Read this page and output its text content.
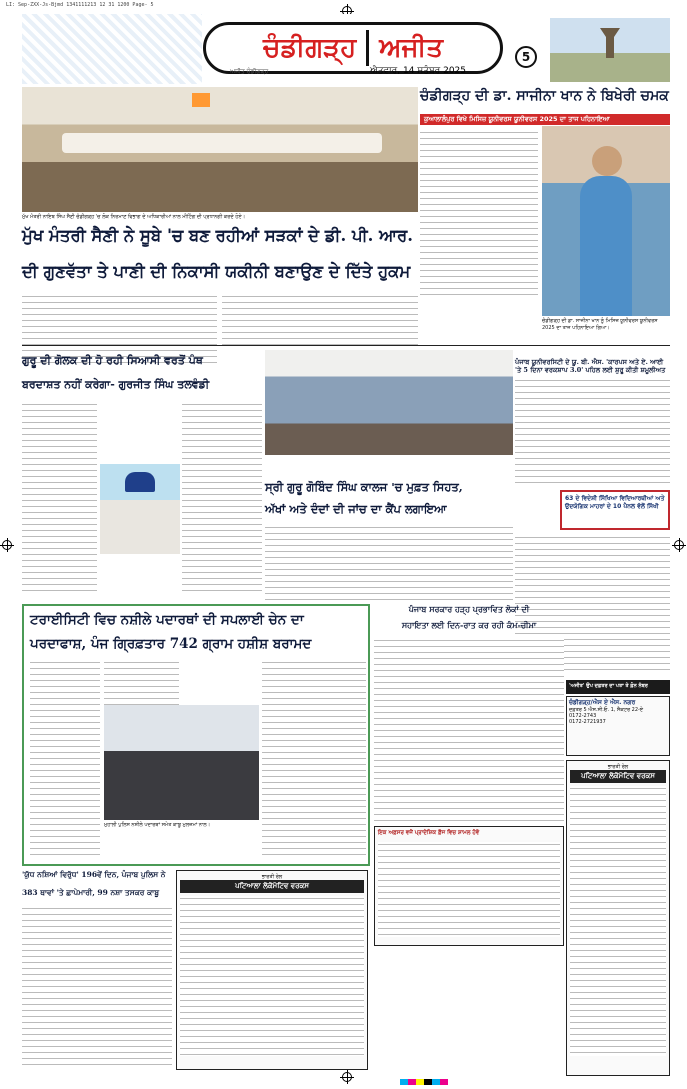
LI: Sep-ZXX-Js-Bjmd 1341111213 12 31 1200 Page- 5
ਚੰਡੀਗੜ੍ਹ ਅਜੀਤ
ਅਜੀਤ ਚੰਡੀਗੜ੍ਹ	ਐਤਵਾਰ, 14 ਸਤੰਬਰ 2025
5
ਮੁੱਖ ਮੰਤਰੀ ਨਾਇਬ ਸਿੰਘ ਸੈਣੀ ਚੰਡੀਗੜ੍ਹ 'ਚ ਲੋਕ ਨਿਰਮਾਣ ਵਿਭਾਗ ਦੇ ਅਧਿਕਾਰੀਆਂ ਨਾਲ ਮੀਟਿੰਗ ਦੀ ਪ੍ਰਧਾਨਗੀ ਕਰਦੇ ਹੋਏ।
ਮੁੱਖ ਮੰਤਰੀ ਸੈਣੀ ਨੇ ਸੂਬੇ 'ਚ ਬਣ ਰਹੀਆਂ ਸੜਕਾਂ ਦੇ ਡੀ. ਪੀ. ਆਰ.
ਦੀ ਗੁਣਵੱਤਾ ਤੇ ਪਾਣੀ ਦੀ ਨਿਕਾਸੀ ਯਕੀਨੀ ਬਣਾਉਣ ਦੇ ਦਿੱਤੇ ਹੁਕਮ
ਚੰਡੀਗੜ੍ਹ ਦੀ ਡਾ. ਸਾਜੀਨਾ ਖਾਨ ਨੇ ਬਿਖੇਰੀ ਚਮਕ
ਕੁਆਲਾਲੰਪੁਰ ਵਿਖੇ ਮਿਸਿਜ਼ ਯੂਨੀਵਰਸ ਯੂਨੀਵਰਸ 2025 ਦਾ ਤਾਜ ਪਹਿਨਾਇਆ
ਚੰਡੀਗੜ੍ਹ ਦੀ ਡਾ. ਸਾਜੀਨਾ ਖਾਨ ਨੂੰ ਮਿਸਿਜ਼ ਯੂਨੀਵਰਸ ਯੂਨੀਵਰਸ 2025 ਦਾ ਤਾਜ ਪਹਿਨਾਇਆ ਗਿਆ।
ਗੁਰੂ ਦੀ ਗੋਲਕ ਦੀ ਹੋ ਰਹੀ ਸਿਆਸੀ ਵਰਤੋਂ ਪੰਥ
ਬਰਦਾਸ਼ਤ ਨਹੀਂ ਕਰੇਗਾ- ਗੁਰਜੀਤ ਸਿੰਘ ਤਲਵੰਡੀ
ਸ੍ਰੀ ਗੁਰੂ ਗੋਬਿੰਦ ਸਿੰਘ ਕਾਲਜ 'ਚ ਮੁਫ਼ਤ ਸਿਹਤ,
ਅੱਖਾਂ ਅਤੇ ਦੰਦਾਂ ਦੀ ਜਾਂਚ ਦਾ ਕੈਂਪ ਲਗਾਇਆ
ਪੰਜਾਬ ਯੂਨੀਵਰਸਿਟੀ ਦੇ ਯੂ. ਬੀ. ਐਸ. 'ਕਾਰਪਸ ਅਤੇ ਏ. ਆਈ 'ਤੇ 5 ਦਿਨਾ ਵਰਕਸ਼ਾਪ 3.0' ਪਹਿਲ ਲਈ ਸ਼ੁਰੂ ਕੀਤੀ ਸ਼ਮੂਲੀਅਤ
63 ਦੇ ਵਿਦੇਸ਼ੀ ਸਿੱਖਿਆ ਵਿਦਿਆਰਥੀਆਂ ਅਤੇ ਉਦਯੋਗਿਕ ਮਾਹਰਾਂ ਦੇ 10 ਪੈਨਲ ਵੱਲੋਂ ਸਿੱਖੀ
ਟਰਾਈਸਿਟੀ ਵਿਚ ਨਸ਼ੀਲੇ ਪਦਾਰਥਾਂ ਦੀ ਸਪਲਾਈ ਚੇਨ ਦਾ
ਪਰਦਾਫਾਸ਼, ਪੰਜ ਗ੍ਰਿਫ਼ਤਾਰ 742 ਗ੍ਰਾਮ ਹਸ਼ੀਸ਼ ਬਰਾਮਦ
ਮੁਹਾਲੀ ਪੁਲਿਸ ਨਸ਼ੀਲੇ ਪਦਾਰਥਾਂ ਸਮੇਤ ਕਾਬੂ ਮੁਲਜ਼ਮਾਂ ਨਾਲ।
ਪੰਜਾਬ ਸਰਕਾਰ ਹੜ੍ਹ ਪ੍ਰਭਾਵਿਤ ਲੋਕਾਂ ਦੀ
ਸਹਾਇਤਾ ਲਈ ਦਿਨ-ਰਾਤ ਕਰ ਰਹੀ ਕੰਮ-ਚੀਮਾ
ਇਕ ਅਫ਼ਸਰ ਵਜੋਂ ਪ੍ਰਾਦੇਸ਼ਿਕ ਫ਼ੌਜ ਵਿਚ ਸ਼ਾਮਲ ਹੋਵੋ
'ਅਜੀਤ' ਉਪ ਦਫ਼ਤਰ ਦਾ ਪਤਾ ਤੇ ਫ਼ੋਨ ਨੰਬਰ
ਚੰਡੀਗੜ੍ਹ/ਐਸ ਏ ਐਸ. ਨਗਰ
ਦਫ਼ਤਰ 5 ਐਸ.ਸੀ.ਓ. 1, ਸੈਕਟਰ 22-ਏ
0172-2743
0172-2721937
ਭਾਰਤੀ ਰੇਲ
ਪਟਿਆਲਾ ਲੋਕੋਮੋਟਿਵ ਵਰਕਸ
'ਯੁੱਧ ਨਸ਼ਿਆਂ ਵਿਰੁੱਧ' 196ਵੇਂ ਦਿਨ, ਪੰਜਾਬ ਪੁਲਿਸ ਨੇ
383 ਥਾਵਾਂ 'ਤੇ ਛਾਪੇਮਾਰੀ, 99 ਨਸ਼ਾ ਤਸਕਰ ਕਾਬੂ
ਭਾਰਤੀ ਰੇਲ
ਪਟਿਆਲਾ ਲੋਕੋਮੋਟਿਵ ਵਰਕਸ
